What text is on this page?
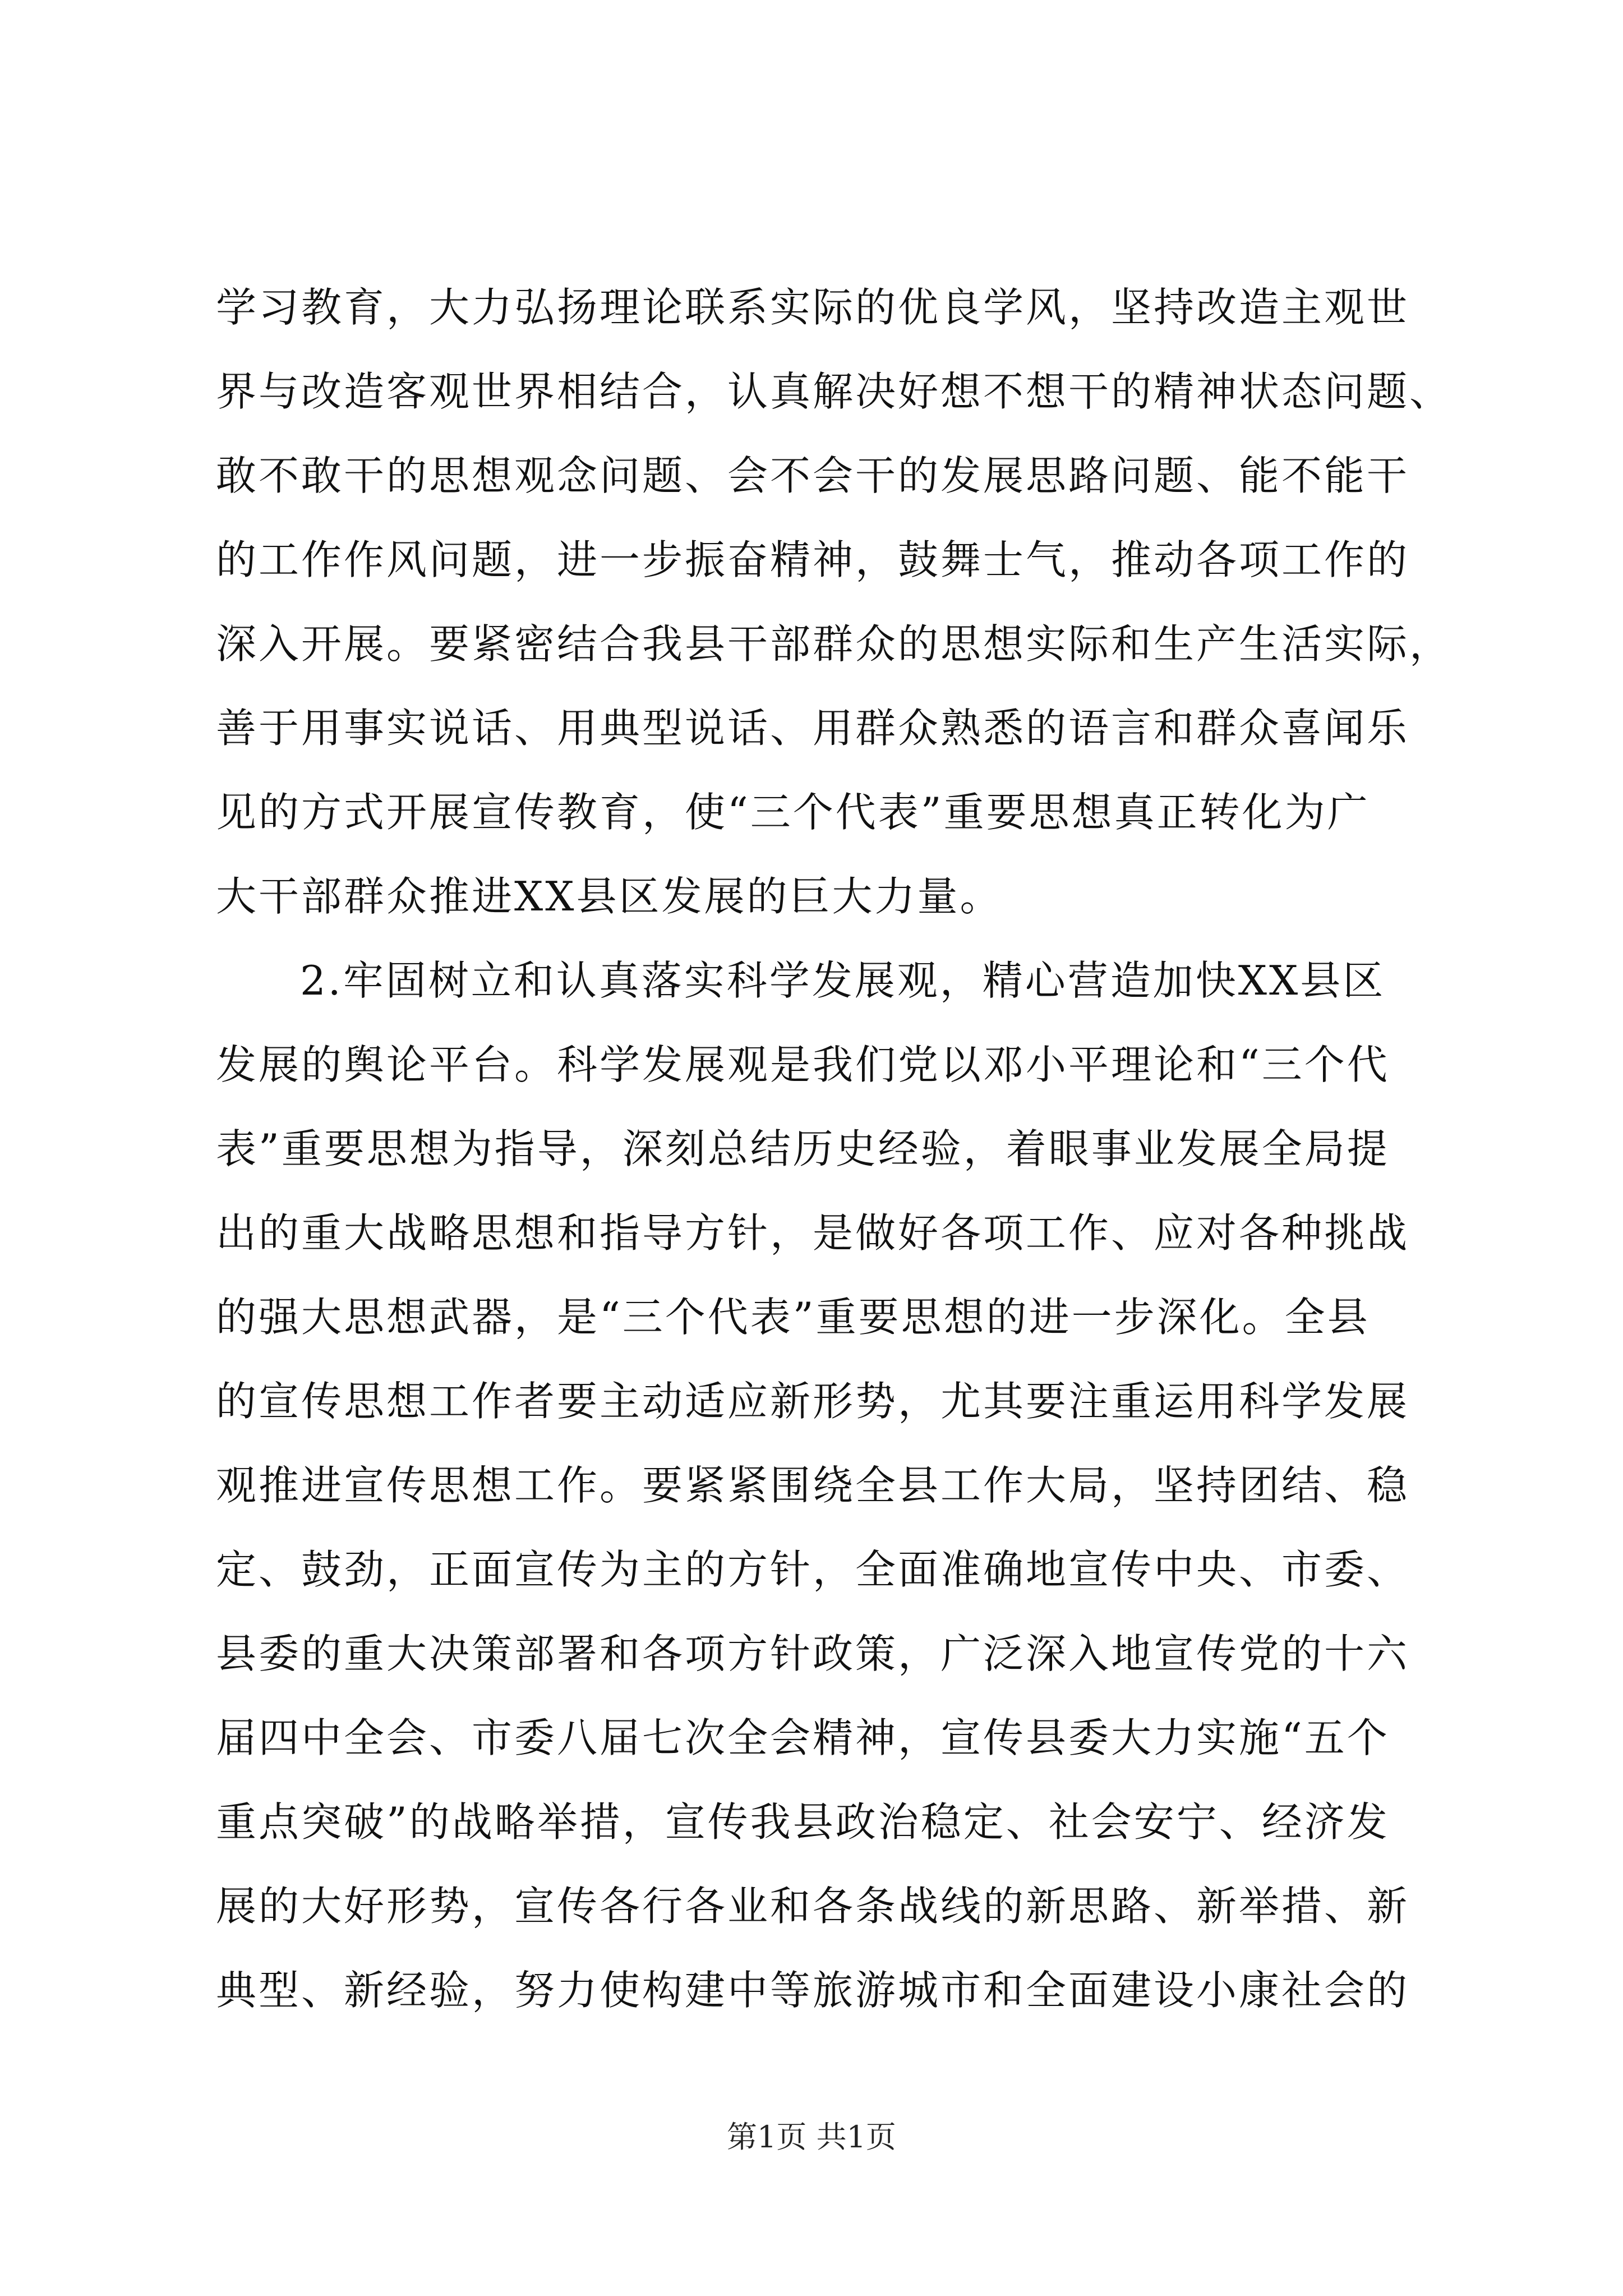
学习教育，大力弘扬理论联系实际的优良学风，坚持改造主观世
界与改造客观世界相结合，认真解决好想不想干的精神状态问题、
敢不敢干的思想观念问题、会不会干的发展思路问题、能不能干
的工作作风问题，进一步振奋精神，鼓舞士气，推动各项工作的
深入开展。要紧密结合我县干部群众的思想实际和生产生活实际，
善于用事实说话、用典型说话、用群众熟悉的语言和群众喜闻乐
见的方式开展宣传教育，使“三个代表”重要思想真正转化为广
大干部群众推进XX县区发展的巨大力量。
2.牢固树立和认真落实科学发展观，精心营造加快XX县区
发展的舆论平台。科学发展观是我们党以邓小平理论和“三个代
表”重要思想为指导，深刻总结历史经验，着眼事业发展全局提
出的重大战略思想和指导方针，是做好各项工作、应对各种挑战
的强大思想武器，是“三个代表”重要思想的进一步深化。全县
的宣传思想工作者要主动适应新形势，尤其要注重运用科学发展
观推进宣传思想工作。要紧紧围绕全县工作大局，坚持团结、稳
定、鼓劲，正面宣传为主的方针，全面准确地宣传中央、市委、
县委的重大决策部署和各项方针政策，广泛深入地宣传党的十六
届四中全会、市委八届七次全会精神，宣传县委大力实施“五个
重点突破”的战略举措，宣传我县政治稳定、社会安宁、经济发
展的大好形势，宣传各行各业和各条战线的新思路、新举措、新
典型、新经验，努力使构建中等旅游城市和全面建设小康社会的
第1页 共1页
